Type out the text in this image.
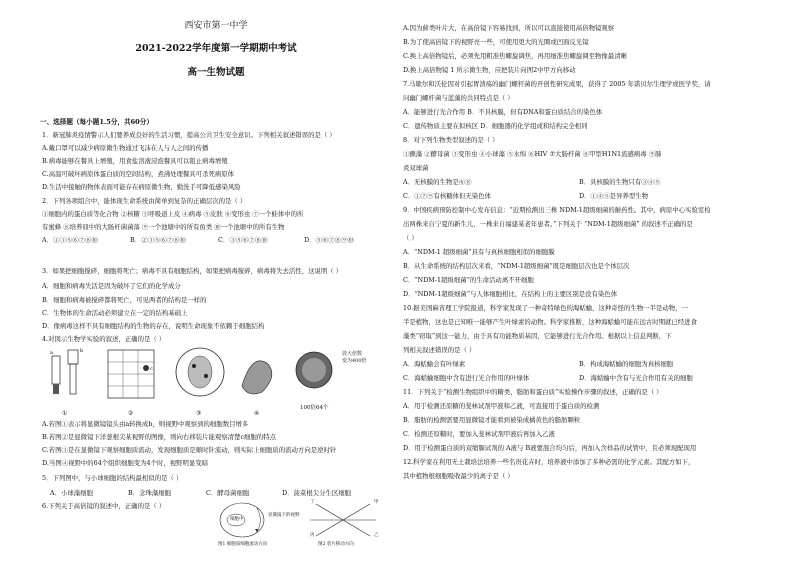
西安市第一中学
2021-2022学年度第一学期期中考试
高一生物试题
一、选择题（每小题1.5分，共60分）
1．新冠肺炎疫情警示人们要养成良好的生活习惯，提高公共卫生安全意识。下列相关叙述错误的是（ ）
A.戴口罩可以减少病原微生物通过飞沫在人与人之间的传播
B.病毒能够在餐具上增殖，用食盐溶液浸泡餐具可以阻止病毒增殖
C.高温可破坏病原体蛋白质的空间结构，煮沸处理餐具可杀死病原体
D.生活中接触的物体表面可能存在病原微生物，勤洗手可降低感染风险
2．下列各项组合中，能体现生命系统由简单到复杂的正确层次的是（ ）
①细胞内的蛋白质等化合物 ②核糖 ③呼吸道上皮 ④病毒 ⑤皮肤 ⑥变形虫 ⑦一个蛙体中的所
有蜜蜂 ⑧培养皿中的大肠杆菌菌落 ⑨一个池塘中的所有鱼类 ⑩一个池塘中的所有生物
A．①③⑤⑥⑦⑧⑩	B．②③⑤⑥⑦⑧⑩	C．③⑤⑥⑦⑧⑩	D．⑤⑥⑦⑧⑨⑩
3．如果把细胞搅碎，细胞将死亡；病毒不具有细胞结构，如果把病毒搅碎，病毒将失去活性，这说明（ ）
A．细胞和病毒失活是因为破坏了它们的化学成分
B．细胞和病毒被搅碎都将死亡，可见两者的结构是一样的
C．生物体的生命活动必须建立在一定的结构基础上
D．像病毒这样不具有细胞结构的生物的存在，说明生命现象不依赖于细胞结构
4.对図示生物学实验的叙述，正确的是（ ）
a	b
c
放大倍数
变为400倍
100倍64个
①	②	③	④
A.若图①表示将显微镜镜头由a转换成b，则视野中观察到的细胞数目增多
B.若图②是显微镜下洋葱根尖某视野的图像，则向右移装片能观察清楚c细胞的特点
C.若图③是在显微镜下观察细胞质流动，发现细胞质是顺时针流动，则实际上细胞质的流动方向是逆时针
D.当图④视野中的64个组织细胞变为4个时，视野明显变暗
5．下列图中，与小球细胞的结构最相似的是（ ）
A．小球藻细胞	B．念珠藻细胞	C．酵母菌细胞	D．菠菜根尖分生区细胞
6.下列关于高倍镜的叙述中，正确的是（ ）
细胞中
显微镜下的视野
图1 细胞质细胞流动方向
丁	甲
丙	乙
图2 装片移动方向
A.因为藓类叶片大，在高倍镜下容易找到，所以可以直接使用高倍物镜观察
B.为了使高倍镜下的视野亮一些，可使用更大的光圈或凹面反光镜
C.换上高倍物镜后，必须先用粗准焦螺旋调焦，再用细准焦螺旋调至物像最清晰
D.换上高倍物镜 1 所示微生物，应把装片向图2中甲方向移动
7.马歇尔和沃伦因对引起胃溃疡的幽门螺杆菌的开创性研究成果，获得了 2005 年诺贝尔生理学或医学奖，请
问幽门螺杆菌与蓝藻的共同特点是（ ）
A．能够进行光合作用 B．不具核膜，但有DNA和蛋白质结合的染色体
C．遗传物质主要在拟核区 D．细胞器的化学组成和结构完全相同
8．对下列生物类型叙述的是（ ）
①颤藻 ②酵母菌 ③变形虫 ④小球藻 ⑤水绵 ⑥HIV ⑦大肠杆菌 ⑧甲型H1N1流感病毒 ⑨肺
炎双球菌
A．无核膜的生物是⑥⑧	B．具核膜的生物只有③④⑤
C．①⑦⑨有核糖体但无染色体	D．①④⑤是异养型生物
9．中国疾病预防控制中心发布信息：“近期检测出三株 NDM-1超级细菌的耐药性。其中，病原中心实验室检
出两株来自宁夏的新生儿，一株来自福建某老年患者。”下列关于 “NDM-1超级细菌” 的叙述不正确的是
（ ）
A．“NDM-1 超级细菌”具有与真核细胞相似的细胞膜
B．从生命系统的结构层次来看，“NDM-1超级细菌”既是细胞层次也是个体层次
C．“NDM-1超级细菌”的生命活动离不开细胞
D．“NDM-1超级细菌”与人体细胞相比，在结构上的主要区别是没有染色体
10.据美国麻省理工学院报道，科学家发现了一种奇特绿色的海蛞蝓，这种奇怪的生物一半是动物，一
半是植物，这也是已知唯一能够产生叶绿素的动物。科学家推断，这种海蛞蝓可能在远古时期就已经进食
藻类“窃取”到这一能力，由于具有功能物质基因，它能够进行光合作用。根据以上信息判断，下
列相关叙述错误的是（ ）
A．海蛞蝓会有叶绿素	B．构成海蛞蝓的细胞为真核细胞
C．海蛞蝓细胞中含有进行光合作用的叶绿体	D．海蛞蝓中含有与光合作用有关的细胞
11．下列关于“检测生物组织中的糖类、脂肪和蛋白质”实验操作步骤的叙述，正确的是（ ）
A．用于检测还原糖的斐林试剂甲液和乙液，可直接用于蛋白质的检测
B．脂肪的检测需要用显微镜才能看到被染成橘黄色的脂肪颗粒
C．检测还原糖时，要加入斐林试剂甲液后再加入乙液
D．用于检测蛋白质的双缩脲试剂的 A液与 B液要混合均匀后，再加入含样品的试管中，且必须现配现用
12.科学家在利用无土栽培法培养一些名贵花卉时，培养液中添加了多种必需的化学元素。其配方如下，
其中植物根细胞吸收最少的离子是（ ）
